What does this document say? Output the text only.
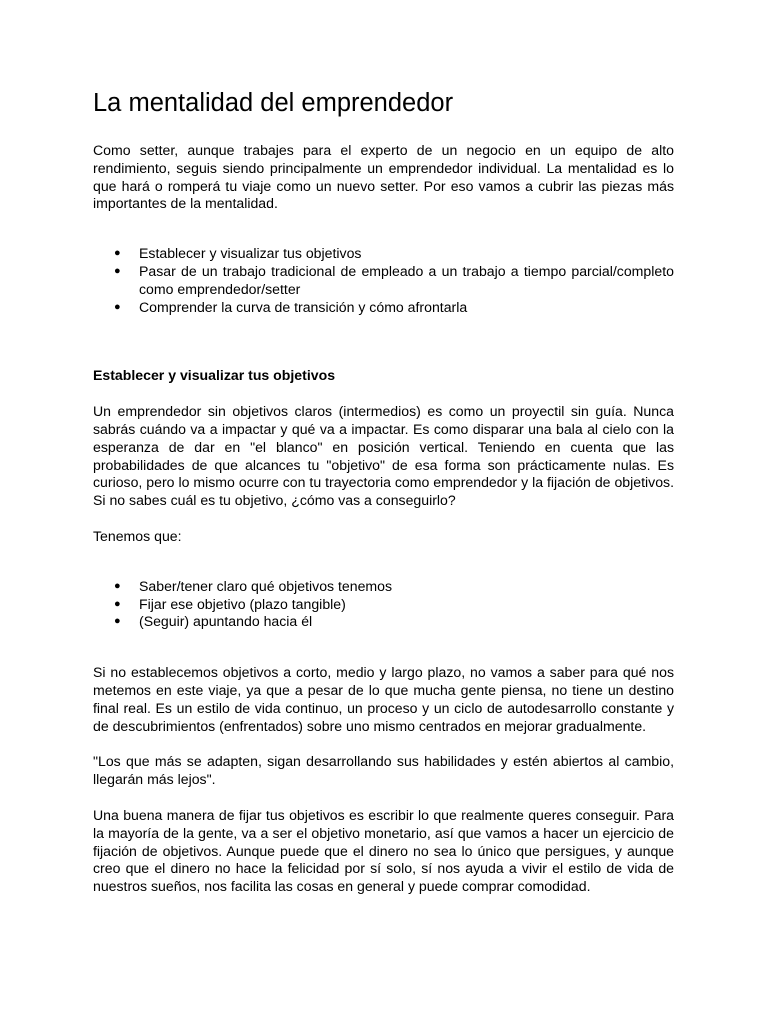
La mentalidad del emprendedor

Como setter, aunque trabajes para el experto de un negocio en un equipo de alto rendimiento, seguis siendo principalmente un emprendedor individual. La mentalidad es lo que hará o romperá tu viaje como un nuevo setter. Por eso vamos a cubrir las piezas más importantes de la mentalidad.

● Establecer y visualizar tus objetivos
● Pasar de un trabajo tradicional de empleado a un trabajo a tiempo parcial/completo como emprendedor/setter
● Comprender la curva de transición y cómo afrontarla
Establecer y visualizar tus objetivos

Un emprendedor sin objetivos claros (intermedios) es como un proyectil sin guía. Nunca sabrás cuándo va a impactar y qué va a impactar. Es como disparar una bala al cielo con la esperanza de dar en "el blanco" en posición vertical. Teniendo en cuenta que las probabilidades de que alcances tu "objetivo" de esa forma son prácticamente nulas. Es curioso, pero lo mismo ocurre con tu trayectoria como emprendedor y la fijación de objetivos. Si no sabes cuál es tu objetivo, ¿cómo vas a conseguirlo?

Tenemos que:

● Saber/tener claro qué objetivos tenemos
● Fijar ese objetivo (plazo tangible)
● (Seguir) apuntando hacia él

Si no establecemos objetivos a corto, medio y largo plazo, no vamos a saber para qué nos metemos en este viaje, ya que a pesar de lo que mucha gente piensa, no tiene un destino final real. Es un estilo de vida continuo, un proceso y un ciclo de autodesarrollo constante y de descubrimientos (enfrentados) sobre uno mismo centrados en mejorar gradualmente.

"Los que más se adapten, sigan desarrollando sus habilidades y estén abiertos al cambio, llegarán más lejos".

Una buena manera de fijar tus objetivos es escribir lo que realmente queres conseguir. Para la mayoría de la gente, va a ser el objetivo monetario, así que vamos a hacer un ejercicio de fijación de objetivos. Aunque puede que el dinero no sea lo único que persigues, y aunque creo que el dinero no hace la felicidad por sí solo, sí nos ayuda a vivir el estilo de vida de nuestros sueños, nos facilita las cosas en general y puede comprar comodidad.
